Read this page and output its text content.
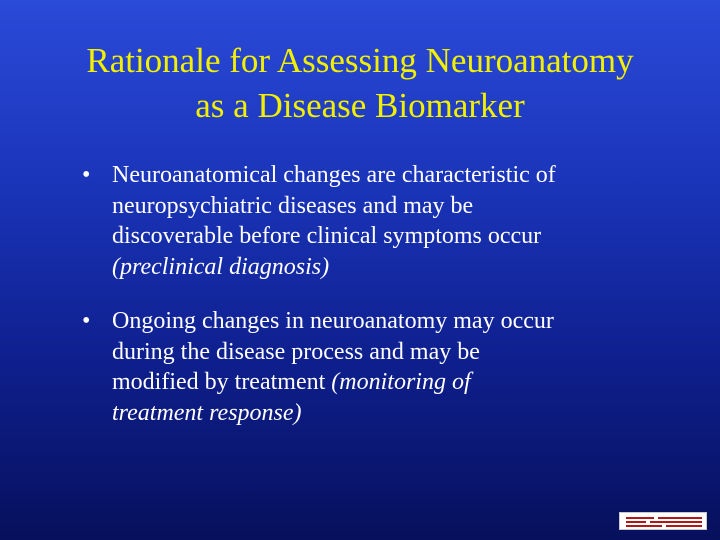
Rationale for Assessing Neuroanatomy
as a Disease Biomarker
• Neuroanatomical changes are characteristic of
neuropsychiatric diseases and may be
discoverable before clinical symptoms occur
(preclinical diagnosis)
• Ongoing changes in neuroanatomy may occur
during the disease process and may be
modified by treatment (monitoring of
treatment response)
